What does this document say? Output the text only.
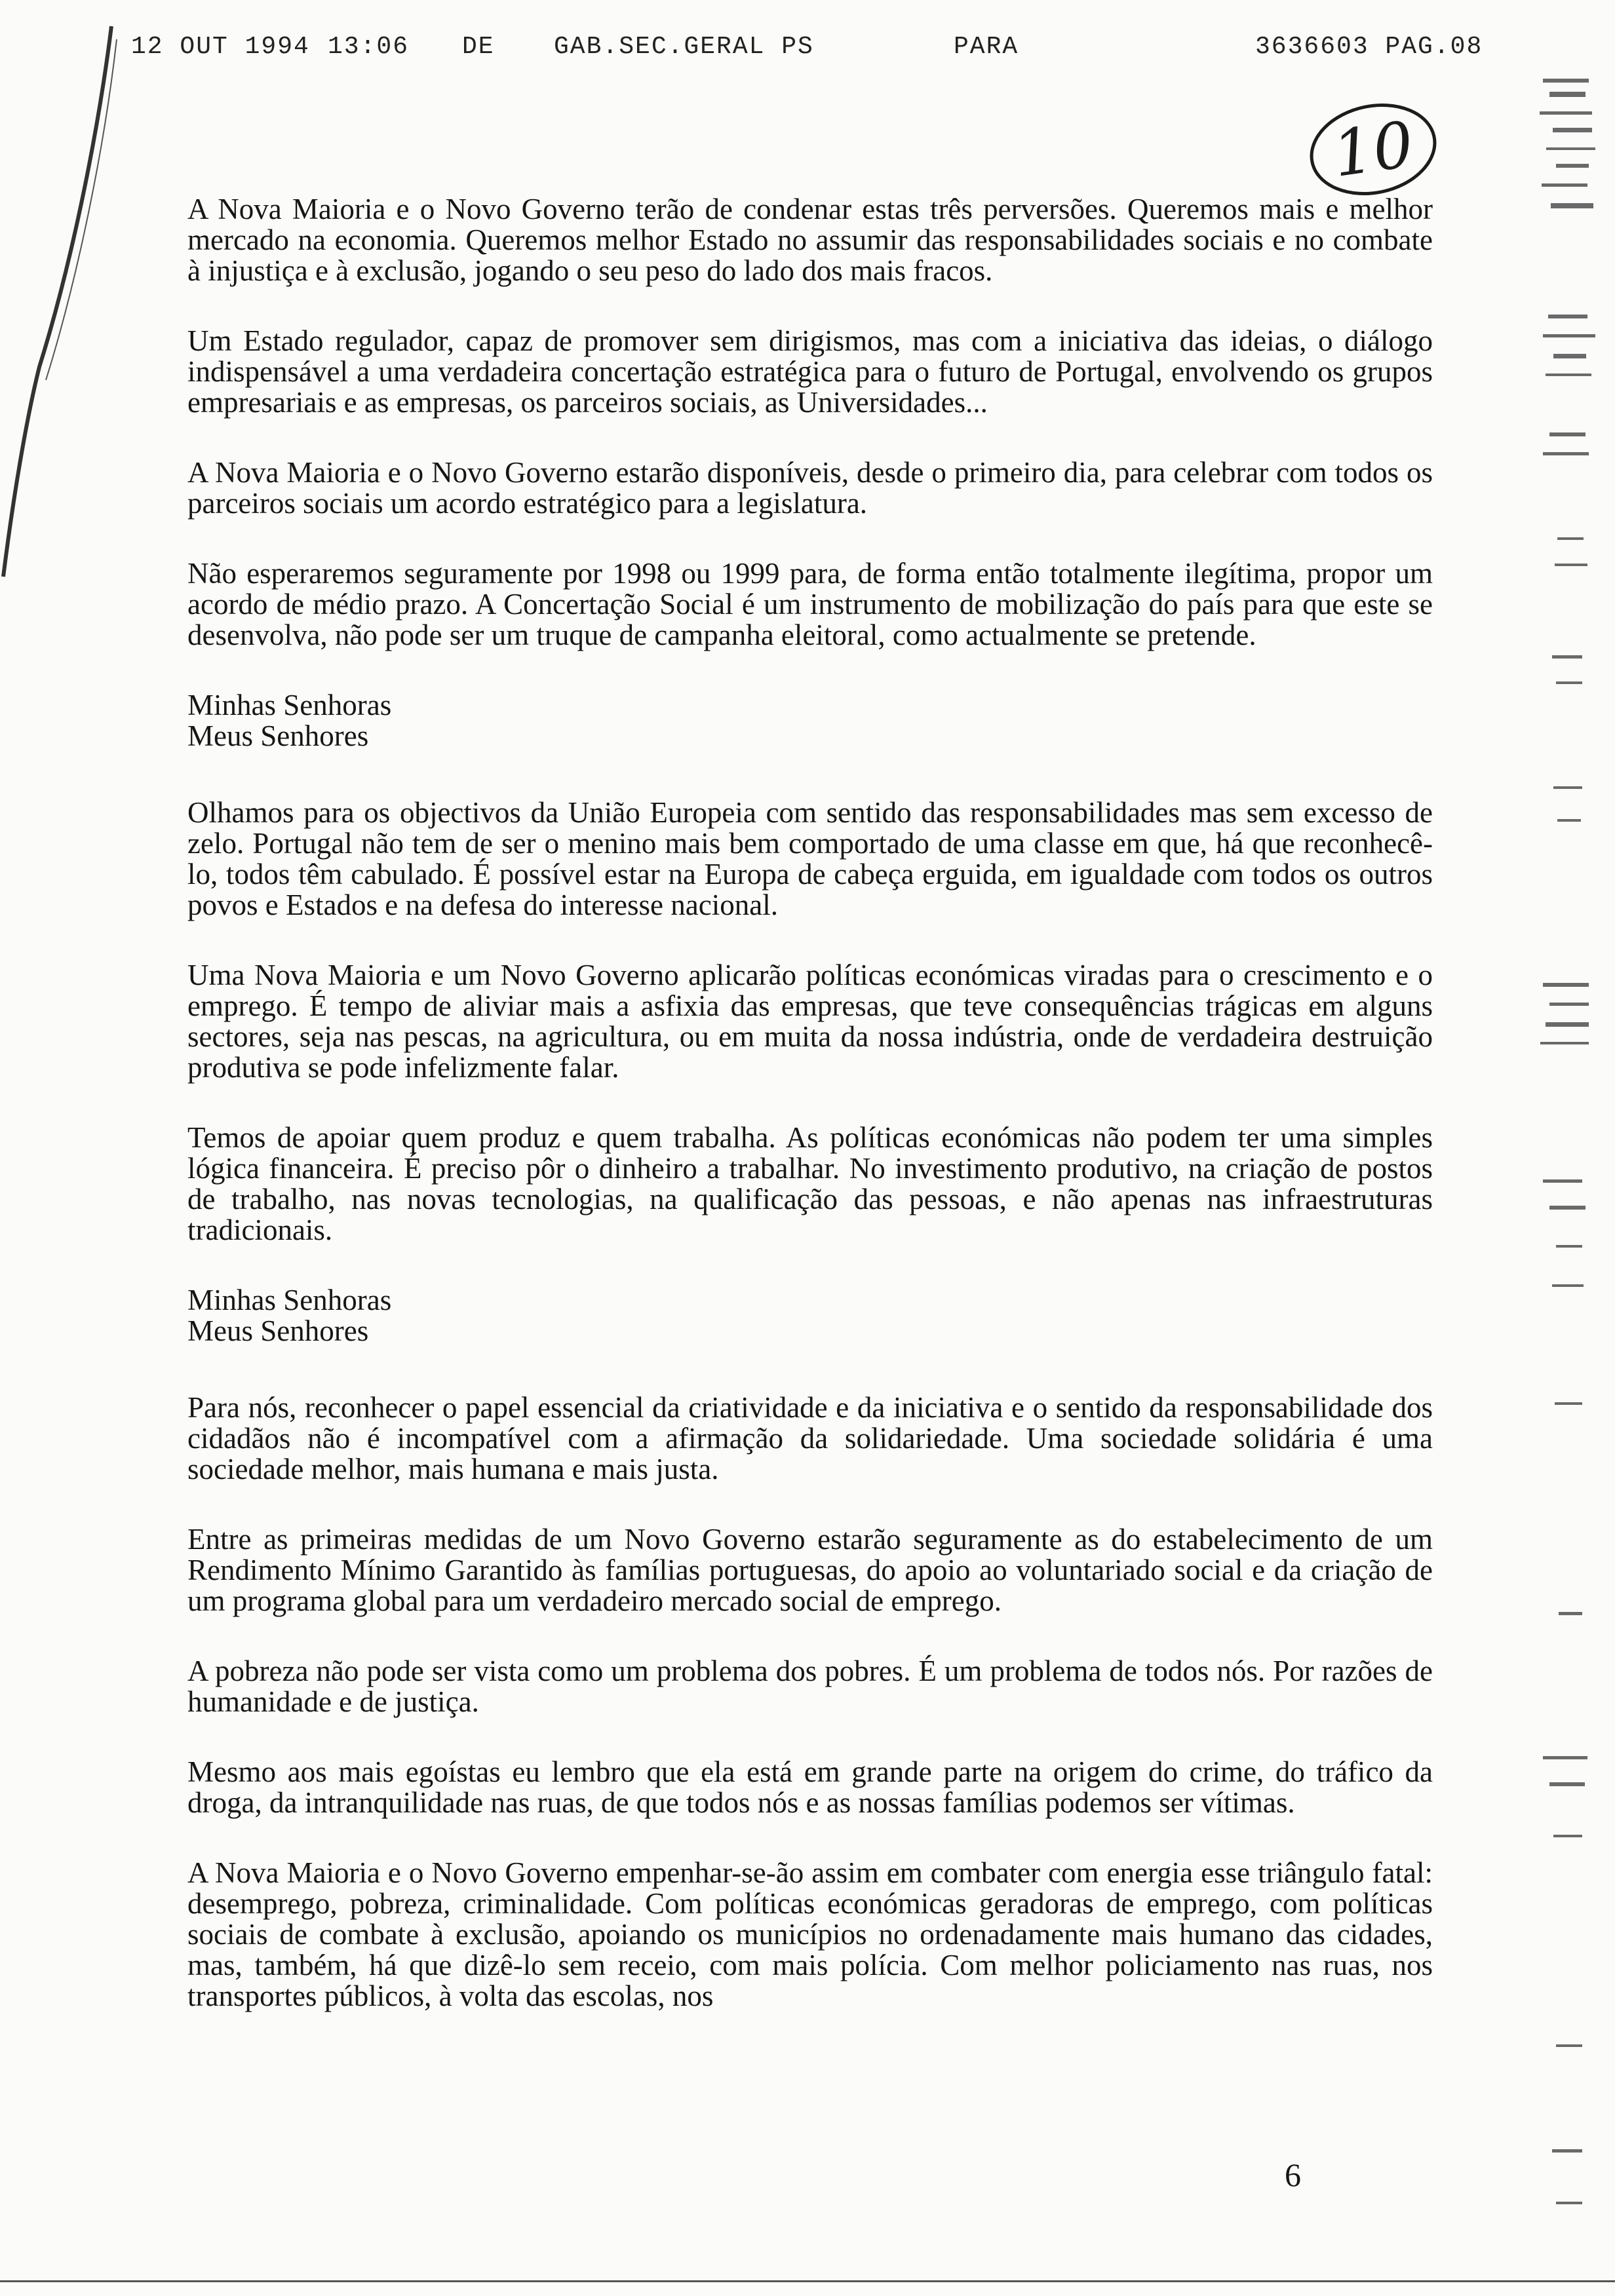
12 OUT 1994 13:06 DE GAB.SEC.GERAL PS	PARA	3636603 PAG.08
10

A Nova Maioria e o Novo Governo terão de condenar estas três perversões. Queremos mais e melhor mercado na economia. Queremos melhor Estado no assumir das responsabilidades sociais e no combate à injustiça e à exclusão, jogando o seu peso do lado dos mais fracos.

Um Estado regulador, capaz de promover sem dirigismos, mas com a iniciativa das ideias, o diálogo indispensável a uma verdadeira concertação estratégica para o futuro de Portugal, envolvendo os grupos empresariais e as empresas, os parceiros sociais, as Universidades...

A Nova Maioria e o Novo Governo estarão disponíveis, desde o primeiro dia, para celebrar com todos os parceiros sociais um acordo estratégico para a legislatura.

Não esperaremos seguramente por 1998 ou 1999 para, de forma então totalmente ilegítima, propor um acordo de médio prazo. A Concertação Social é um instrumento de mobilização do país para que este se desenvolva, não pode ser um truque de campanha eleitoral, como actualmente se pretende.

Minhas Senhoras
Meus Senhores

Olhamos para os objectivos da União Europeia com sentido das responsabilidades mas sem excesso de zelo. Portugal não tem de ser o menino mais bem comportado de uma classe em que, há que reconhecê-lo, todos têm cabulado. É possível estar na Europa de cabeça erguida, em igualdade com todos os outros povos e Estados e na defesa do interesse nacional.

Uma Nova Maioria e um Novo Governo aplicarão políticas económicas viradas para o crescimento e o emprego. É tempo de aliviar mais a asfixia das empresas, que teve consequências trágicas em alguns sectores, seja nas pescas, na agricultura, ou em muita da nossa indústria, onde de verdadeira destruição produtiva se pode infelizmente falar.

Temos de apoiar quem produz e quem trabalha. As políticas económicas não podem ter uma simples lógica financeira. É preciso pôr o dinheiro a trabalhar. No investimento produtivo, na criação de postos de trabalho, nas novas tecnologias, na qualificação das pessoas, e não apenas nas infraestruturas tradicionais.

Minhas Senhoras
Meus Senhores

Para nós, reconhecer o papel essencial da criatividade e da iniciativa e o sentido da responsabilidade dos cidadãos não é incompatível com a afirmação da solidariedade. Uma sociedade solidária é uma sociedade melhor, mais humana e mais justa.

Entre as primeiras medidas de um Novo Governo estarão seguramente as do estabelecimento de um Rendimento Mínimo Garantido às famílias portuguesas, do apoio ao voluntariado social e da criação de um programa global para um verdadeiro mercado social de emprego.

A pobreza não pode ser vista como um problema dos pobres. É um problema de todos nós. Por razões de humanidade e de justiça.

Mesmo aos mais egoístas eu lembro que ela está em grande parte na origem do crime, do tráfico da droga, da intranquilidade nas ruas, de que todos nós e as nossas famílias podemos ser vítimas.

A Nova Maioria e o Novo Governo empenhar-se-ão assim em combater com energia esse triângulo fatal: desemprego, pobreza, criminalidade. Com políticas económicas geradoras de emprego, com políticas sociais de combate à exclusão, apoiando os municípios no ordenadamente mais humano das cidades, mas, também, há que dizê-lo sem receio, com mais polícia. Com melhor policiamento nas ruas, nos transportes públicos, à volta das escolas, nos

6
